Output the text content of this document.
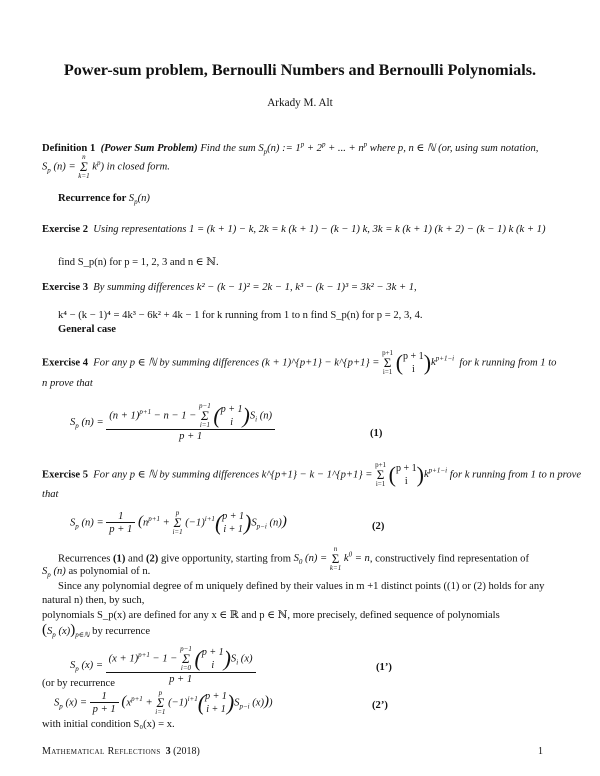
Power-sum problem, Bernoulli Numbers and Bernoulli Polynomials.
Arkady M. Alt
Definition 1 (Power Sum Problem) Find the sum $S_p(n)$ := $1^p + 2^p$ + ... + $n^p$ where p, n ∈ ℕ (or, using sum notation,
$S_p$ (n) = n
Σ
k=1 $k^p$) in closed form.
Recurrence for $S_p(n)$
Exercise 2 Using representations 1 = (k + 1) − k, 2k = k (k + 1) − (k − 1) k, 3k = k (k + 1) (k + 2) − (k − 1) k (k + 1)
find S_p(n) for p = 1, 2, 3 and n ∈ ℕ.
Exercise 3 By summing differences k² − (k − 1)² = 2k − 1, k³ − (k − 1)³ = 3k² − 3k + 1,
k⁴ − (k − 1)⁴ = 4k³ − 6k² + 4k − 1 for k running from 1 to n find S_p(n) for p = 2, 3, 4.
General case
Exercise 4 For any p ∈ ℕ by summing differences (k + 1)^{p+1} − k^{p+1} = p+1
Σ
i=1 (p + 1
i )$k^{p+1-i}$ for k running from 1 to
n prove that
$S_p$ (n) =
$(n + 1)^{p+1} - n - 1 - p-1$
Σ
i=1 (p + 1
i )$S_i$ (n)
p + 1	(1)
Exercise 5 For any p ∈ ℕ by summing differences k^{p+1} − k − 1^{p+1} = p+1
Σ
i=1 (p + 1
i )$k^{p+1-i}$ for k running from 1 to n prove
that
$S_p$ $(n) = \frac{1}{p + 1} (n^{p+1} + p$
Σ
i=1 $(-1)^{i+1}(p + 1$
$i + 1)S_{p-i}$ (n))	(2)
Recurrences (1) and (2) give opportunity, starting from $S_0$ (n) = n
Σ
k=1 $k^0 = n$, constructively find representation of
$S_p$ (n) as polynomial of n.
Since any polynomial degree of m uniquely defined by their values in m +1 distinct points ((1) or (2) holds for any
natural n) then, by such,
polynomials S_p(x) are defined for any x ∈ ℝ and p ∈ ℕ, more precisely, defined sequence of polynomials
($S_p$ $(x))_{p\in ℕ}$ by recurrence
$S_p$ (x) =
$(x + 1)^{p+1} - 1 - p-1$
Σ
i=0 (p + 1
i )$S_i$ (x)
p + 1
(1’)
(or by recurrence
$S_p$ $(x) = \frac{1}{p + 1} (x^{p+1} + p$
Σ
i=1 $(-1)^{i+1}(p + 1$
$i + 1)S_{p-i}$ (x)))	(2’)
with initial condition S₀(x) = x.
Mathematical Reflections 3 (2018)	1
